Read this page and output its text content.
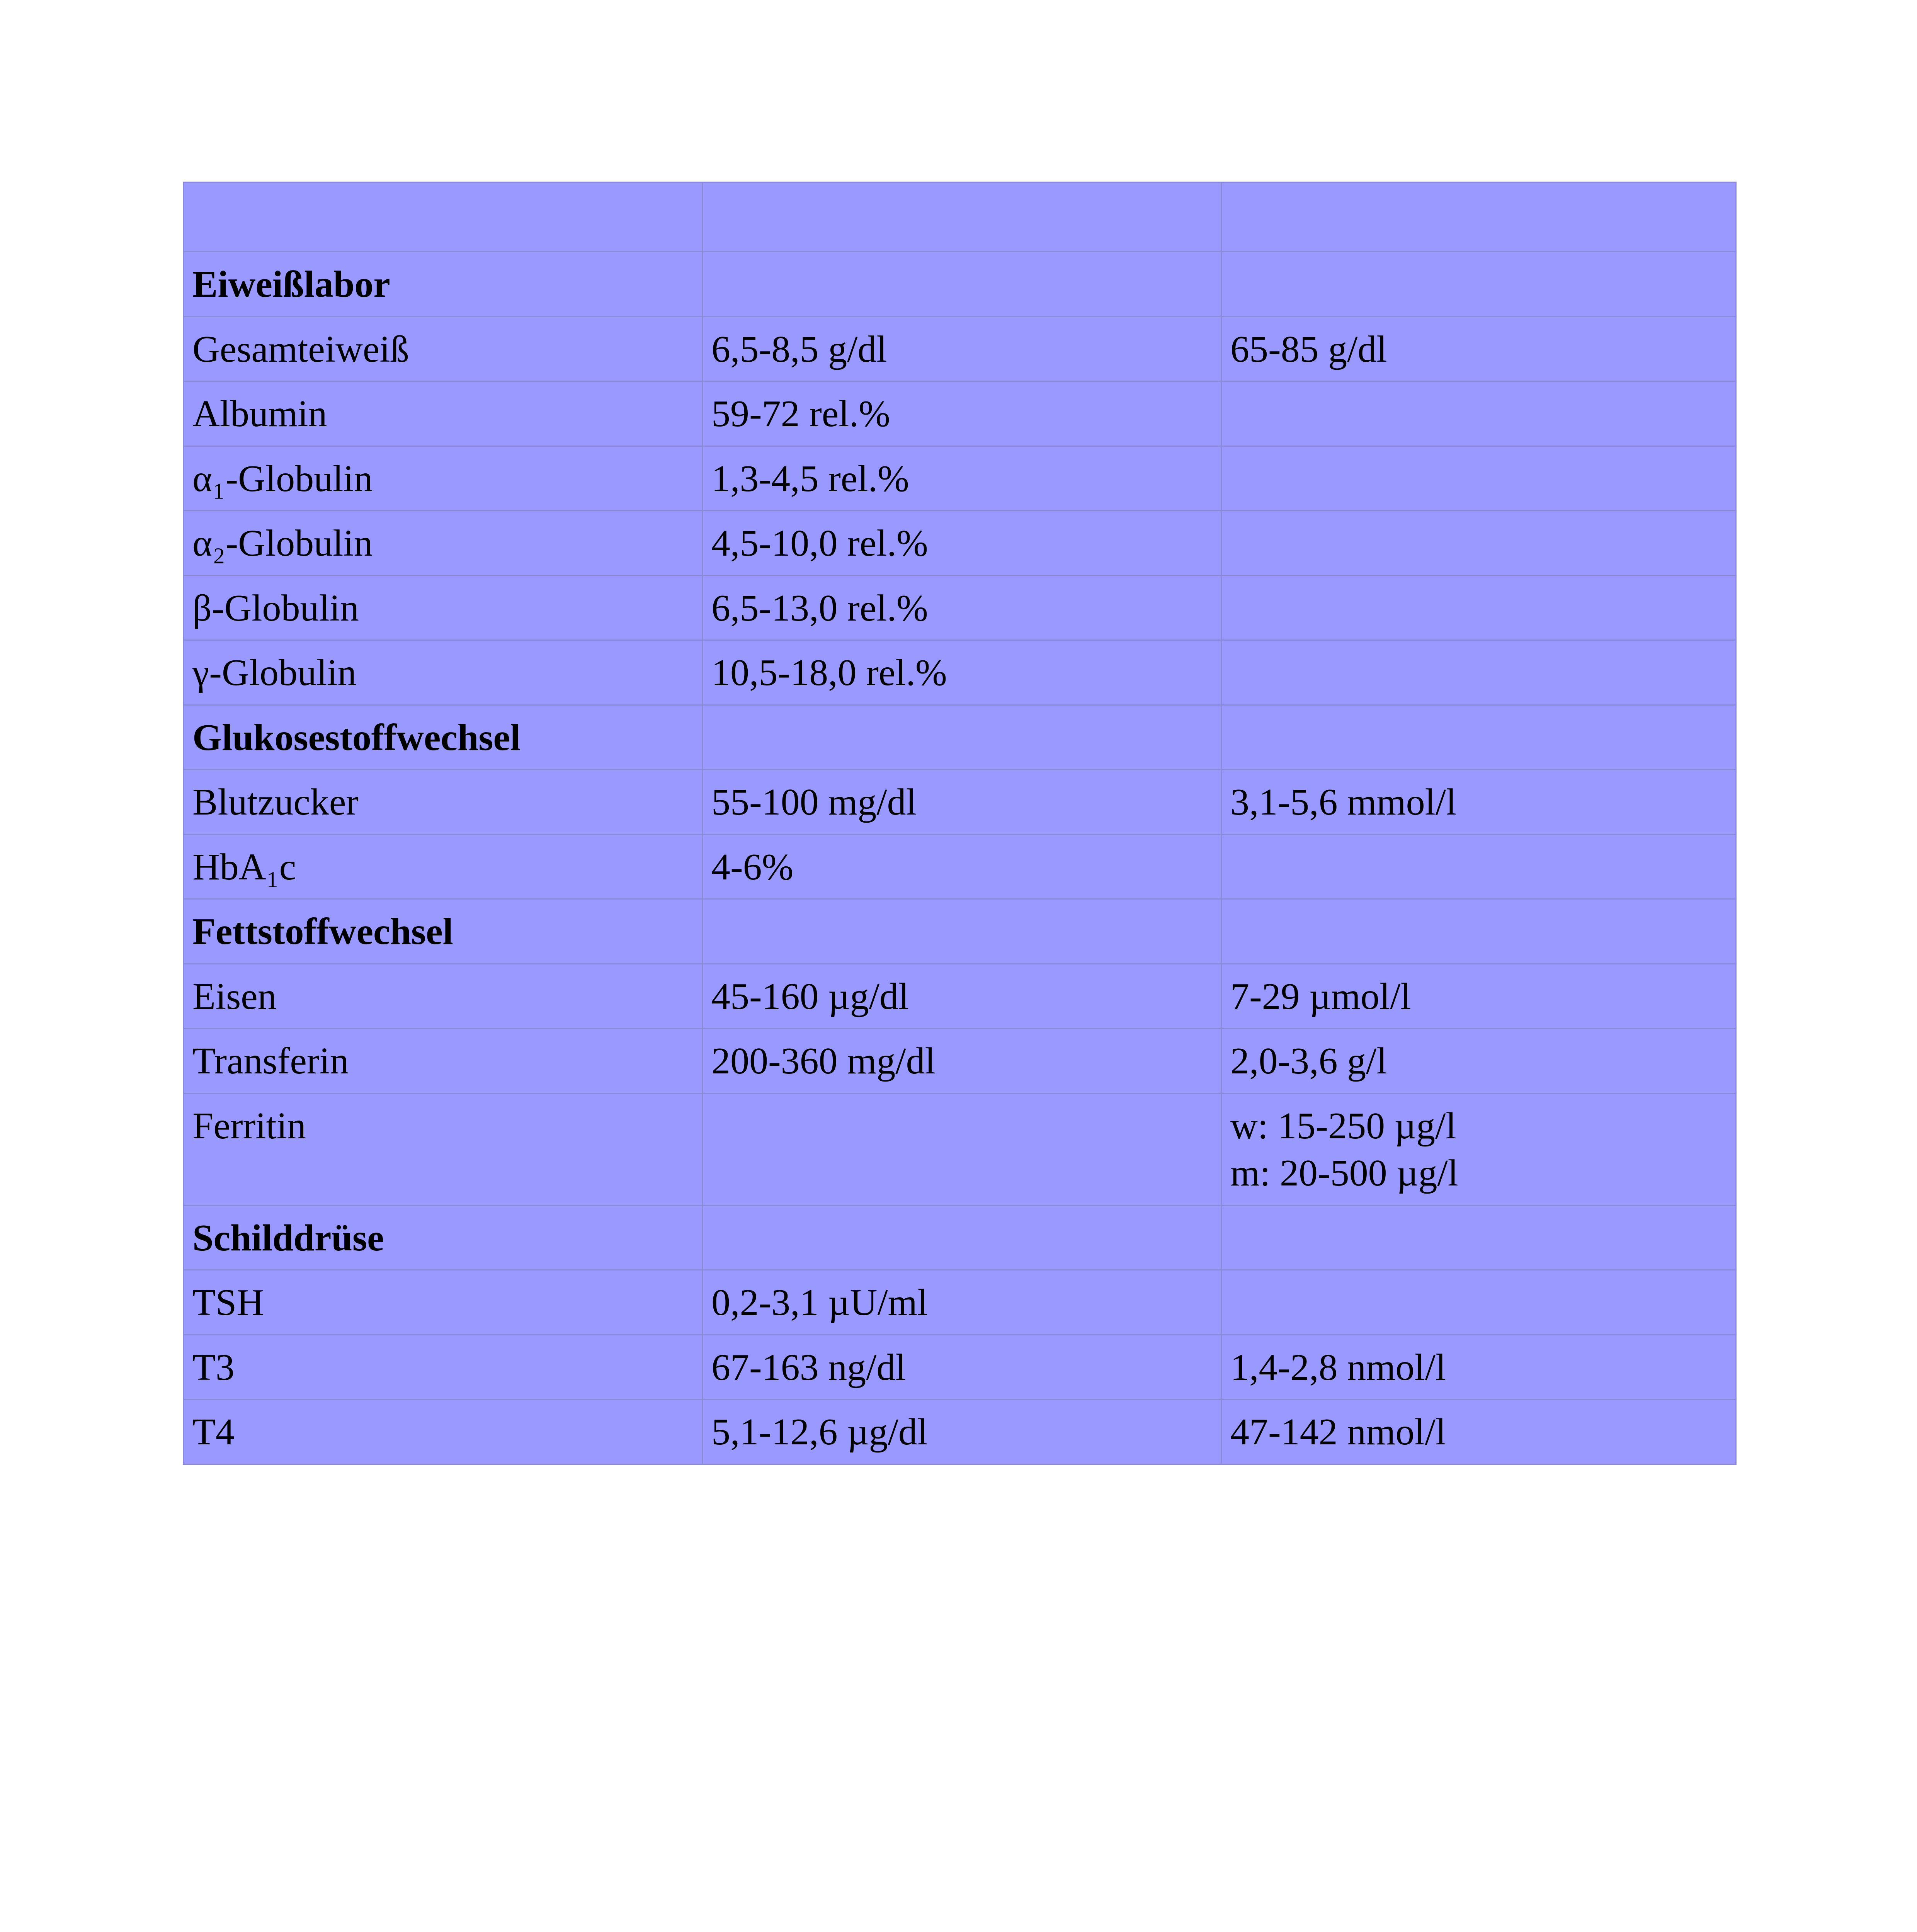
Eiweißlabor		
Gesamteiweiß	6,5-8,5 g/dl	65-85 g/dl
Albumin	59-72 rel.%	
α₁-Globulin	1,3-4,5 rel.%	
α₂-Globulin	4,5-10,0 rel.%	
β-Globulin	6,5-13,0 rel.%	
γ-Globulin	10,5-18,0 rel.%	
Glukosestoffwechsel		
Blutzucker	55-100 mg/dl	3,1-5,6 mmol/l
HbA₁c	4-6%	
Fettstoffwechsel		
Eisen	45-160 µg/dl	7-29 µmol/l
Transferin	200-360 mg/dl	2,0-3,6 g/l
Ferritin		w: 15-250 µg/l
m: 20-500 µg/l

Schilddrüse		
TSH	0,2-3,1 µU/ml	
T3	67-163 ng/dl	1,4-2,8 nmol/l
T4	5,1-12,6 µg/dl	47-142 nmol/l
